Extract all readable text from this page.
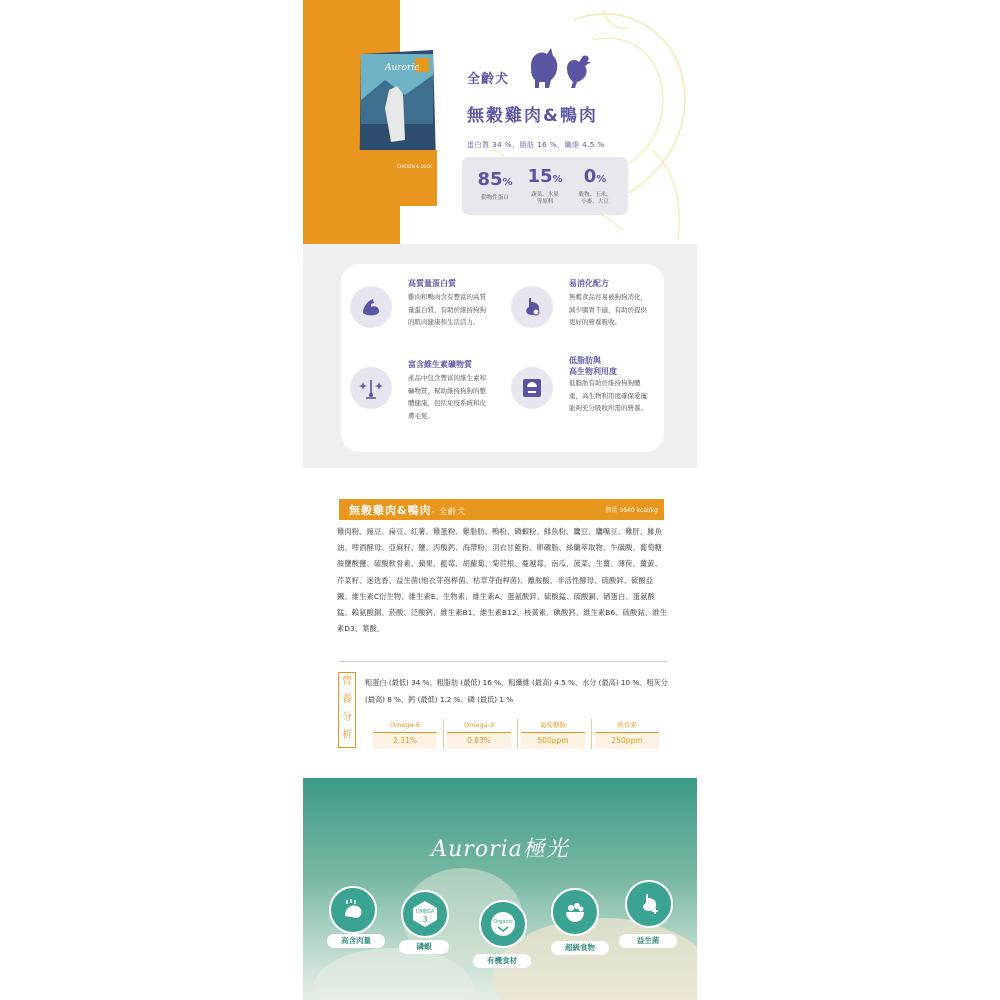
Auroria
CHICKEN & DUCK
全齡犬
無穀雞肉&鴨肉
蛋白質 34 %、脂肪 16 %、纖維 4.5 %
85%
動物性蛋白
15%
蔬菜、水果
等原料
0%
穀物、玉米、
小麥、大豆
高質量蛋白質
雞肉和鴨肉含有豐富的高質量蛋白質，有助於維持狗狗的肌肉健康和生活活力。
易消化配方
無穀食品容易被狗狗消化，減少腸胃不適，有助於提供更好的營養吸收。
富含維生素礦物質
產品中包含豐富的維生素和礦物質，幫助維持狗狗的整體健康，包括免疫系統和皮膚毛髮。
低脂肪與
高生物利用度
低脂肪有助於維持狗狗體重，高生物利用度確保愛寵能夠充分吸收所需的營養。
無穀雞肉&鴨肉- 全齡犬	熱量 3640 kcal/kg
雞肉粉、豌豆、扁豆、紅薯、雞蛋粉、雞脂肪、鴨粉、磷蝦粉、鯡魚粉、鷹豆、鷹嘴豆、雞肝、鯡魚油、啤酒酵母、亞麻籽、鹽、丙酸鈣、海帶粉、羽衣甘藍粉、卵磷脂、絲蘭萃取物、牛磺酸、葡萄糖胺鹽酸鹽、硫酸軟骨素、蘋果、藍莓、胡蘿蔔、菊苣根、蔓越莓、南瓜、菠菜、生薑、薄荷、薑黃、芹菜籽、迷迭香、益生菌(地衣芽孢桿菌、枯草芽孢桿菌)、離胺酸、非活性酵母、硫酸鋅、硫酸亞鐵、維生素C衍生物、維生素E、生物素、維生素A、蛋氨酸鋅、硫酸錳、硫酸銅、硒蛋白、蛋氨酸錳、賴氨酸銅、菸酸、泛酸鈣、維生素B1、維生素B12、核黃素、碘酸鈣、維生素B6、硫酸鈷、維生素D3、葉酸。
營養分析
粗蛋白 (最低) 34 %、粗脂肪 (最低) 16 %、粗纖維 (最高) 4.5 %、水分 (最高) 10 %、粗灰分 (最高) 8 %、鈣 (最低) 1.2 %、磷 (最低) 1 %
Omega-6
2.31%
Omega-3
0.83%
葡萄糖胺
500ppm
軟骨素
250ppm
Auroria極光
高含肉量
OMEGA
3
磷蝦
Organic
有機食材
超級食物
益生菌
